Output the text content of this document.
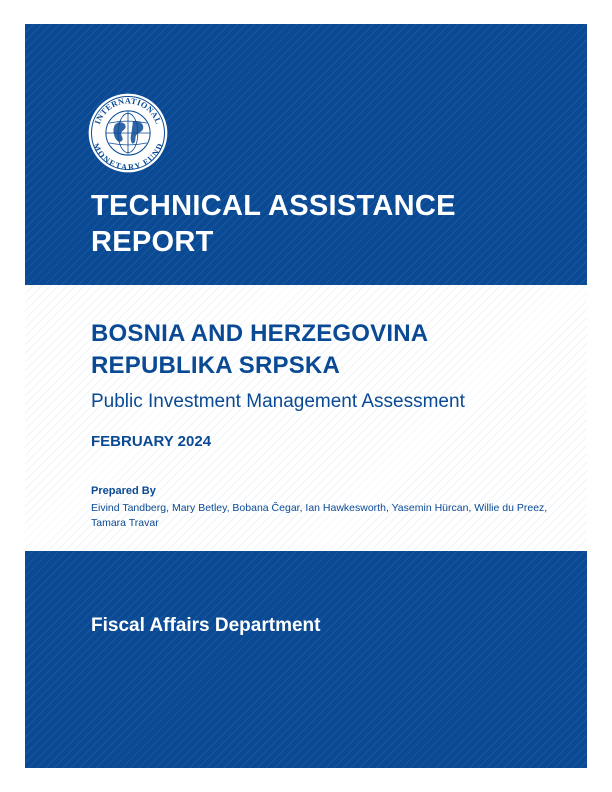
INTERNATIONAL
MONETARY FUND
TECHNICAL ASSISTANCE
REPORT
BOSNIA AND HERZEGOVINA
REPUBLIKA SRPSKA

Public Investment Management Assessment

FEBRUARY 2024

Prepared By

Eivind Tandberg, Mary Betley, Bobana Čegar, Ian Hawkesworth, Yasemin Hürcan, Willie du Preez, Tamara Travar

Fiscal Affairs Department
